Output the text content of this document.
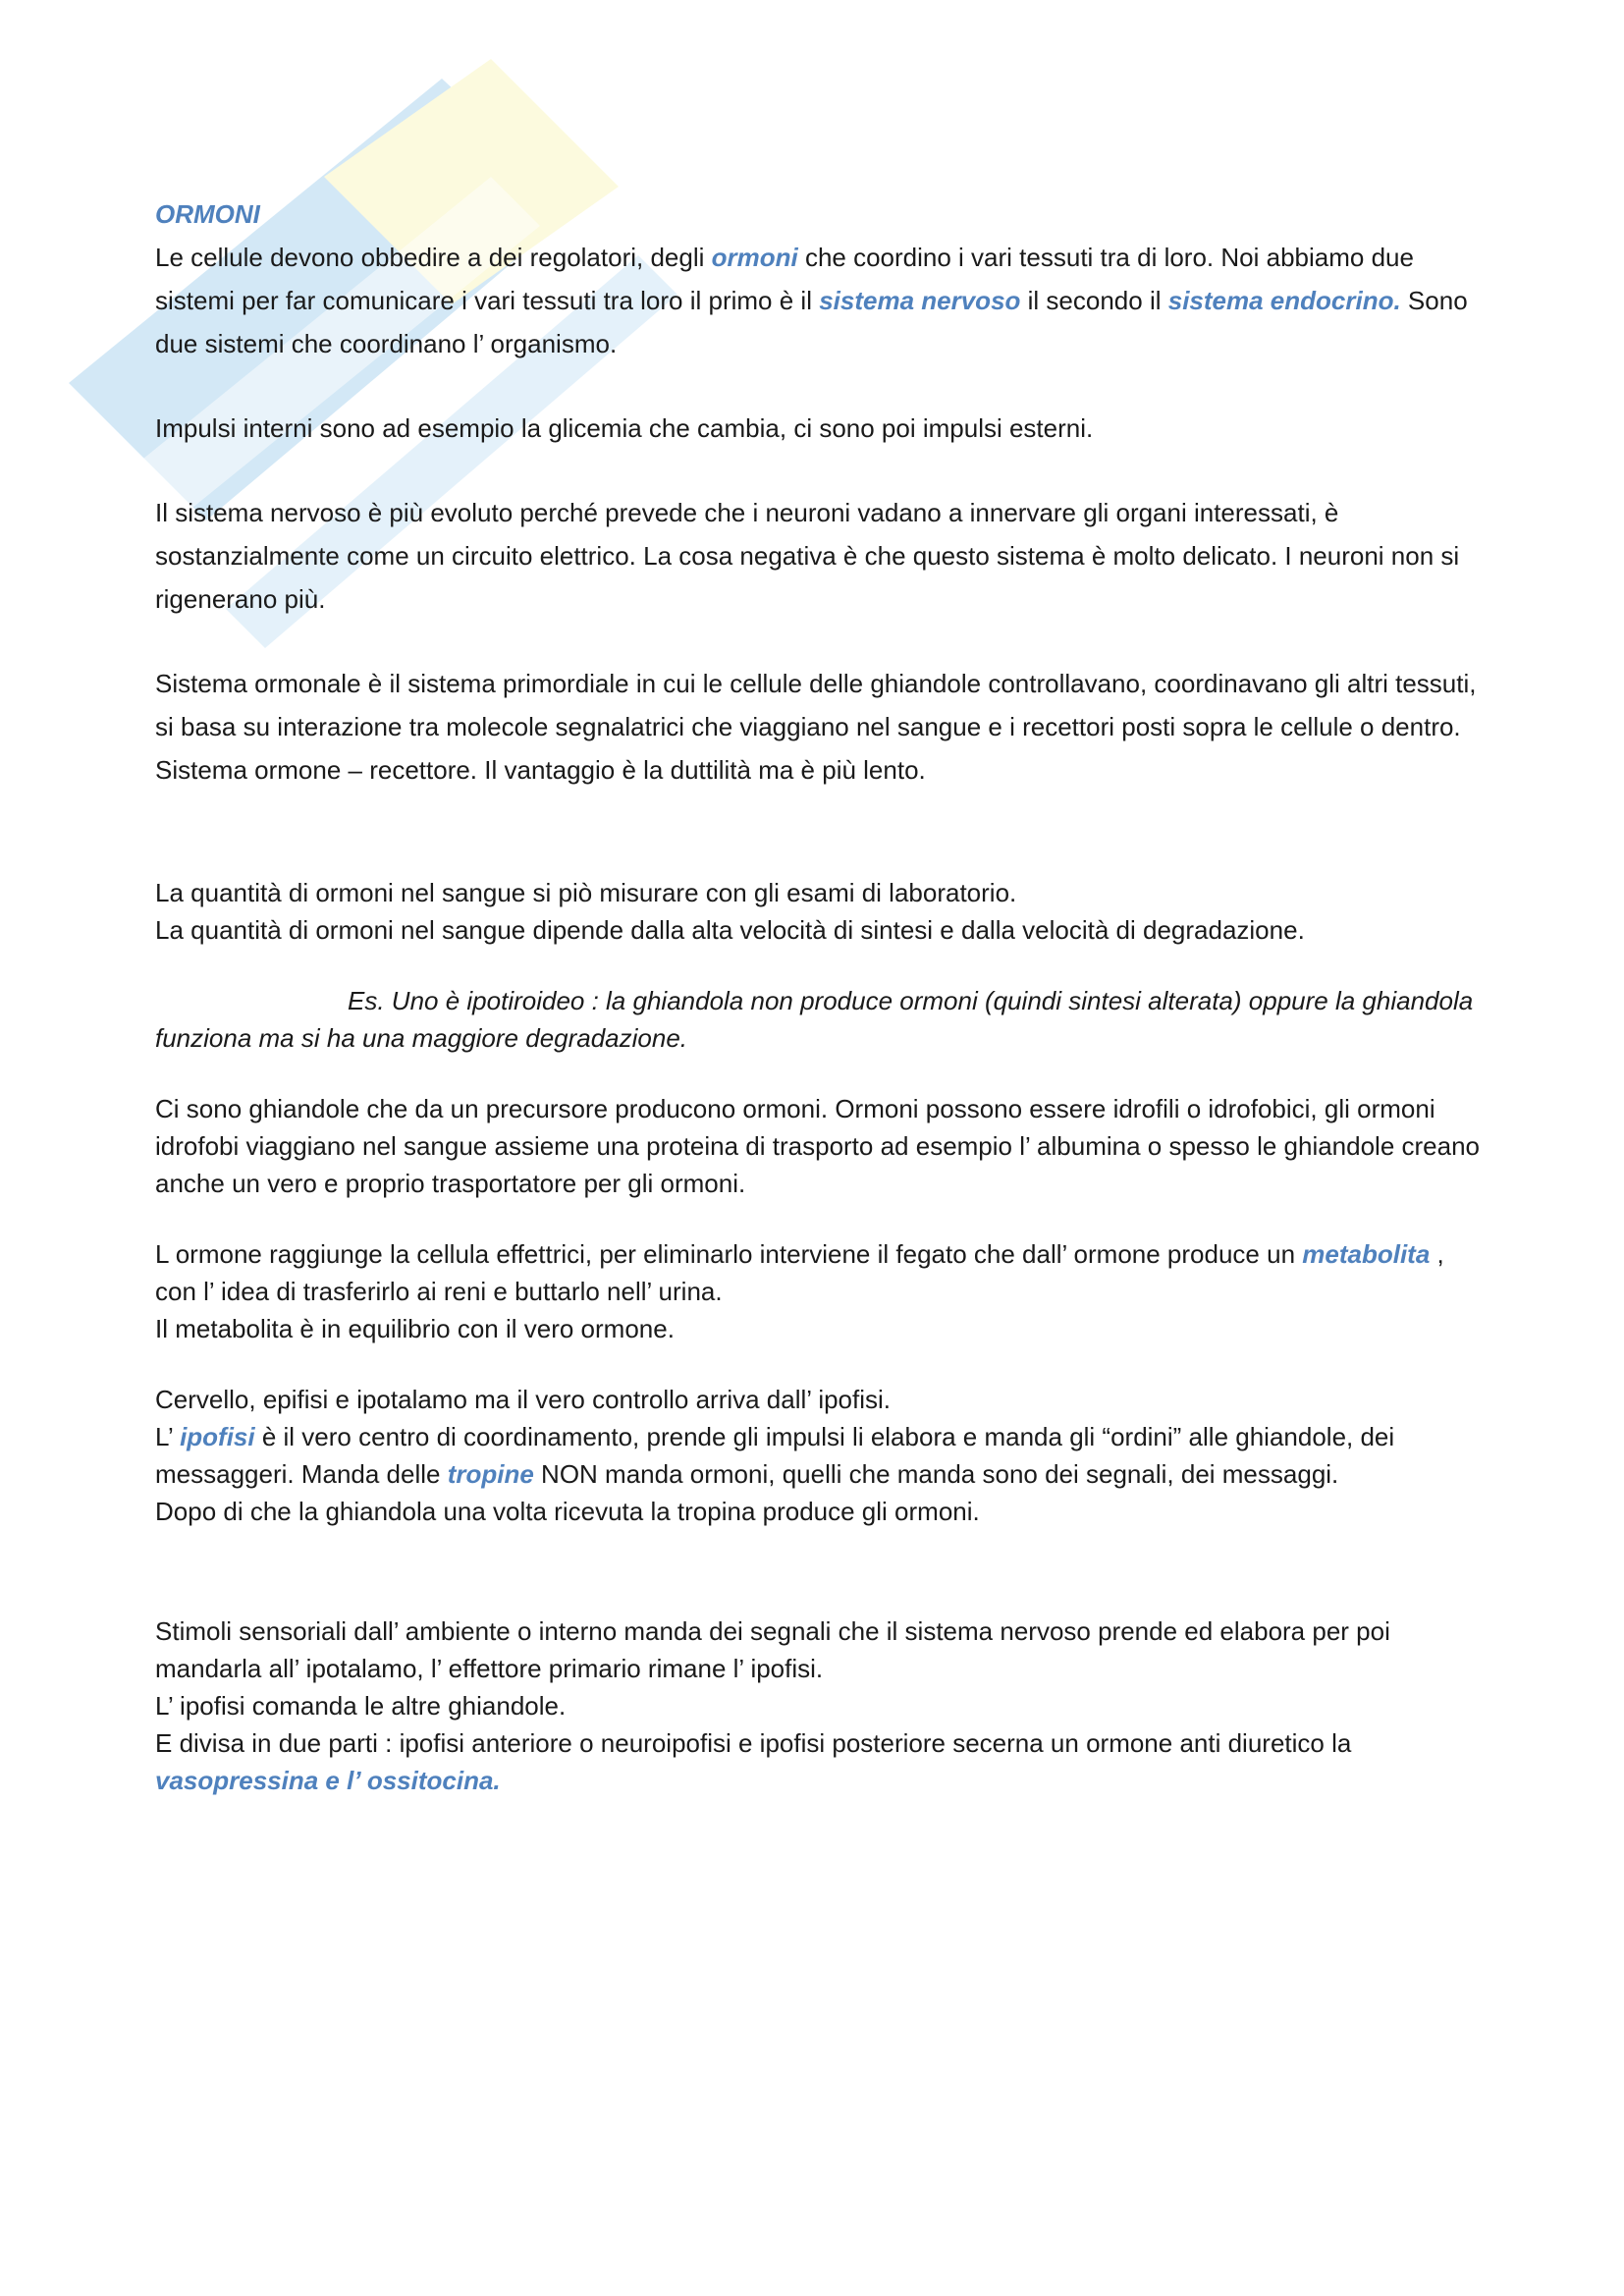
ORMONI

Le cellule devono obbedire a dei regolatori, degli ormoni che coordino i vari tessuti tra di loro. Noi abbiamo due sistemi per far comunicare i vari tessuti tra loro il primo è il sistema nervoso il secondo il sistema endocrino. Sono due sistemi che coordinano l’ organismo.

Impulsi interni sono ad esempio la glicemia che cambia, ci sono poi impulsi esterni.

Il sistema nervoso è più evoluto perché prevede che i neuroni vadano a innervare gli organi interessati, è sostanzialmente come un circuito elettrico. La cosa negativa è che questo sistema è molto delicato. I neuroni non si rigenerano più.

Sistema ormonale è il sistema primordiale in cui le cellule delle ghiandole controllavano, coordinavano gli altri tessuti, si basa su interazione tra molecole segnalatrici che viaggiano nel sangue e i recettori posti sopra le cellule o dentro. Sistema ormone – recettore. Il vantaggio è la duttilità ma è più lento.

La quantità di ormoni nel sangue si piò misurare con gli esami di laboratorio.

La quantità di ormoni nel sangue dipende dalla alta velocità di sintesi e dalla velocità di degradazione.

Es. Uno è ipotiroideo : la ghiandola non produce ormoni (quindi sintesi alterata) oppure la ghiandola funziona ma si ha una maggiore degradazione.

Ci sono ghiandole che da un precursore producono ormoni. Ormoni possono essere idrofili o idrofobici, gli ormoni idrofobi viaggiano nel sangue assieme una proteina di trasporto ad esempio l’ albumina o spesso le ghiandole creano anche un vero e proprio trasportatore per gli ormoni.

L ormone raggiunge la cellula effettrici, per eliminarlo interviene il fegato che dall’ ormone produce un metabolita , con l’ idea di trasferirlo ai reni e buttarlo nell’ urina.

Il metabolita è in equilibrio con il vero ormone.

Cervello, epifisi e ipotalamo ma il vero controllo arriva dall’ ipofisi.

L’ ipofisi è il vero centro di coordinamento, prende gli impulsi li elabora e manda gli “ordini” alle ghiandole, dei messaggeri. Manda delle tropine NON manda ormoni, quelli che manda sono dei segnali, dei messaggi.

Dopo di che la ghiandola una volta ricevuta la tropina produce gli ormoni.

Stimoli sensoriali dall’ ambiente o interno manda dei segnali che il sistema nervoso prende ed elabora per poi mandarla all’ ipotalamo, l’ effettore primario rimane l’ ipofisi.

L’ ipofisi comanda le altre ghiandole.

E divisa in due parti : ipofisi anteriore o neuroipofisi e ipofisi posteriore secerna un ormone anti diuretico la vasopressina e l’ ossitocina.
